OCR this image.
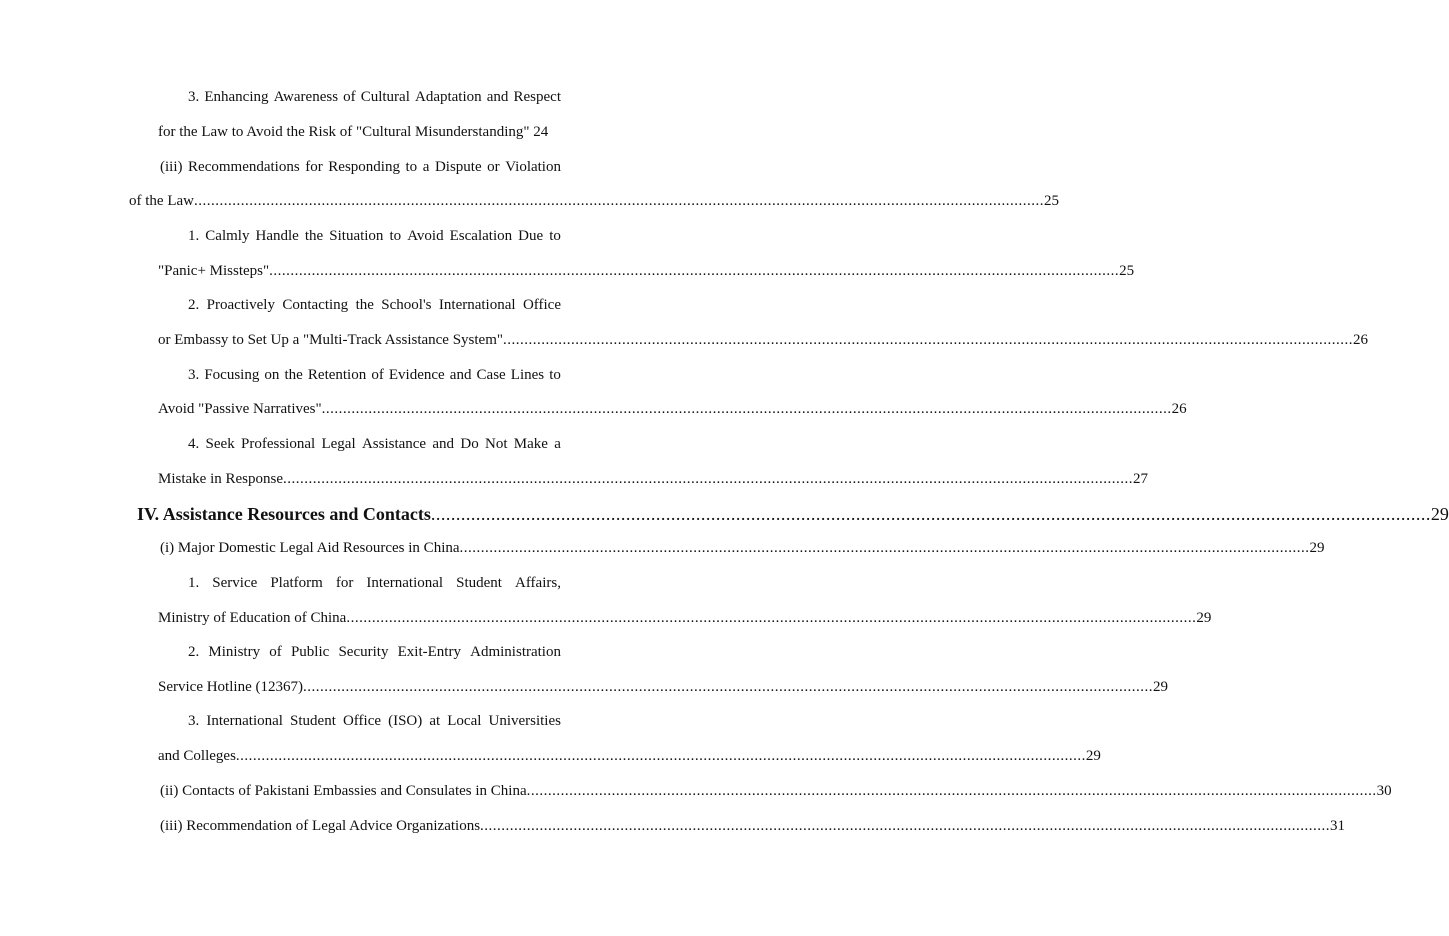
3. Enhancing Awareness of Cultural Adaptation and Respect
for the Law to Avoid the Risk of "Cultural Misunderstanding" 24
(iii) Recommendations for Responding to a Dispute or Violation
of the Law ........................................................................................................................................................................................................ 25
1. Calmly Handle the Situation to Avoid Escalation Due to
"Panic+ Missteps" ........................................................................................................................................................................................................ 25
2. Proactively Contacting the School's International Office
or Embassy to Set Up a "Multi-Track Assistance System" ........................................................................................................................................................................................................ 26
3. Focusing on the Retention of Evidence and Case Lines to
Avoid "Passive Narratives" ........................................................................................................................................................................................................ 26
4. Seek Professional Legal Assistance and Do Not Make a
Mistake in Response ........................................................................................................................................................................................................ 27
IV. Assistance Resources and Contacts ........................................................................................................................................................................................................ 29
(i) Major Domestic Legal Aid Resources in China ........................................................................................................................................................................................................ 29
1. Service Platform for International Student Affairs,
Ministry of Education of China ........................................................................................................................................................................................................ 29
2. Ministry of Public Security Exit-Entry Administration
Service Hotline (12367) ........................................................................................................................................................................................................ 29
3. International Student Office (ISO) at Local Universities
and Colleges ........................................................................................................................................................................................................ 29
(ii) Contacts of Pakistani Embassies and Consulates in China ........................................................................................................................................................................................................ 30
(iii) Recommendation of Legal Advice Organizations ........................................................................................................................................................................................................ 31
